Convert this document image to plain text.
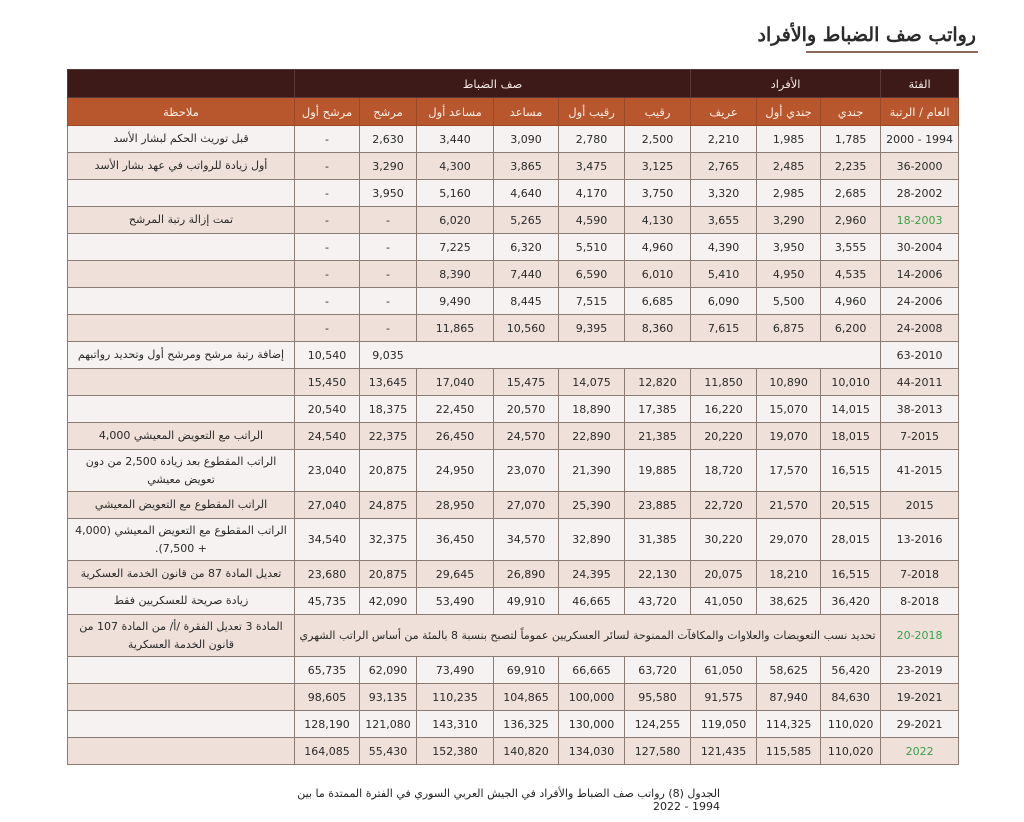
رواتب صف الضباط والأفراد
الفئة	الأفراد			صف الضباط						
العام / الرتبة	جندي	جندي أول	عريف	رقيب	رقيب أول	مساعد	مساعد أول	مرشح	مرشح أول	ملاحظة
1994 - 2000	1,785	1,985	2,210	2,500	2,780	3,090	3,440	2,630	-	قبل توريث الحكم لبشار الأسد
36-2000	2,235	2,485	2,765	3,125	3,475	3,865	4,300	3,290	-	أول زيادة للرواتب في عهد بشار الأسد
28-2002	2,685	2,985	3,320	3,750	4,170	4,640	5,160	3,950	-	
18-2003	2,960	3,290	3,655	4,130	4,590	5,265	6,020	-	-	تمت إزالة رتبة المرشح
30-2004	3,555	3,950	4,390	4,960	5,510	6,320	7,225	-	-	
14-2006	4,535	4,950	5,410	6,010	6,590	7,440	8,390	-	-	
24-2006	4,960	5,500	6,090	6,685	7,515	8,445	9,490	-	-	
24-2008	6,200	6,875	7,615	8,360	9,395	10,560	11,865	-	-	
63-2010								9,035	10,540	إضافة رتبة مرشح ومرشح أول وتحديد رواتبهم
44-2011	10,010	10,890	11,850	12,820	14,075	15,475	17,040	13,645	15,450	
38-2013	14,015	15,070	16,220	17,385	18,890	20,570	22,450	18,375	20,540	
7-2015	18,015	19,070	20,220	21,385	22,890	24,570	26,450	22,375	24,540	الراتب مع التعويض المعيشي 4,000
41-2015	16,515	17,570	18,720	19,885	21,390	23,070	24,950	20,875	23,040	الراتب المقطوع بعد زيادة 2,500 من دون تعويض معيشي
2015	20,515	21,570	22,720	23,885	25,390	27,070	28,950	24,875	27,040	الراتب المقطوع مع التعويض المعيشي
13-2016	28,015	29,070	30,220	31,385	32,890	34,570	36,450	32,375	34,540	الراتب المقطوع مع التعويض المعيشي (4,000 + 7,500).
7-2018	16,515	18,210	20,075	22,130	24,395	26,890	29,645	20,875	23,680	تعديل المادة 87 من قانون الخدمة العسكرية
8-2018	36,420	38,625	41,050	43,720	46,665	49,910	53,490	42,090	45,735	زيادة صريحة للعسكريين فقط
20-2018	تحديد نسب التعويضات والعلاوات والمكافآت الممنوحة لسائر العسكريين عموماً لتصبح بنسبة 8 بالمئة من أساس الراتب الشهري									المادة 3 تعديل الفقرة /أ/ من المادة 107 من قانون الخدمة العسكرية
23-2019	56,420	58,625	61,050	63,720	66,665	69,910	73,490	62,090	65,735	
19-2021	84,630	87,940	91,575	95,580	100,000	104,865	110,235	93,135	98,605	
29-2021	110,020	114,325	119,050	124,255	130,000	136,325	143,310	121,080	128,190	
2022	110,020	115,585	121,435	127,580	134,030	140,820	152,380	55,430	164,085	
الجدول (8) رواتب صف الضباط والأفراد في الجيش العربي السوري في الفترة الممتدة ما بين 1994 - 2022
